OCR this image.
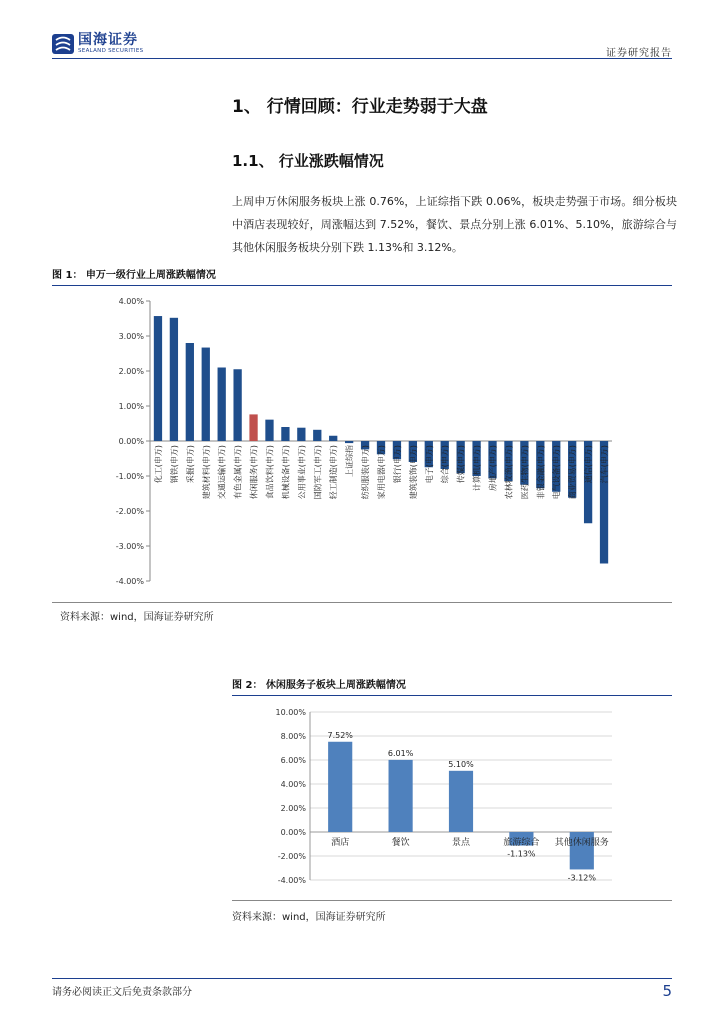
国海证券
SEALAND SECURITIES	证券研究报告
1、 行情回顾：行业走势弱于大盘
1.1、 行业涨跌幅情况
上周申万休闲服务板块上涨 0.76%，上证综指下跌 0.06%，板块走势强于市场。细分板块中酒店表现较好，周涨幅达到 7.52%，餐饮、景点分别上涨 6.01%、5.10%，旅游综合与其他休闲服务板块分别下跌 1.13%和 3.12%。
图 1： 申万一级行业上周涨跌幅情况
4.00%
3.00%
2.00%
1.00%
0.00%
-1.00%
-2.00%
-3.00%
-4.00%
化工(申万) 钢铁(申万) 采掘(申万) 建筑材料(申万) 交通运输(申万) 有色金属(申万) 休闲服务(申万) 食品饮料(申万) 机械设备(申万) 公用事业(申万) 国防军工(申万) 轻工制造(申万) 上证综指 纺织服装(申万) 家用电器(申万) 银行(申万) 建筑装饰(申万) 电子(申万) 综合(申万) 传媒(申万) 计算机(申万) 房地产(申万) 农林牧渔(申万) 医药生物(申万) 非银金融(申万) 电气设备(申万) 商业贸易(申万) 通信(申万) 汽车(申万)
资料来源：wind，国海证券研究所
图 2： 休闲服务子板块上周涨跌幅情况
10.00%
8.00%
6.00%
4.00%
2.00%
0.00%
-2.00%
-4.00%
酒店
7.52%
餐饮
6.01%
景点
5.10%
旅游综合
-1.13%
其他休闲服务
-3.12%
资料来源：wind，国海证券研究所
请务必阅读正文后免责条款部分	5
